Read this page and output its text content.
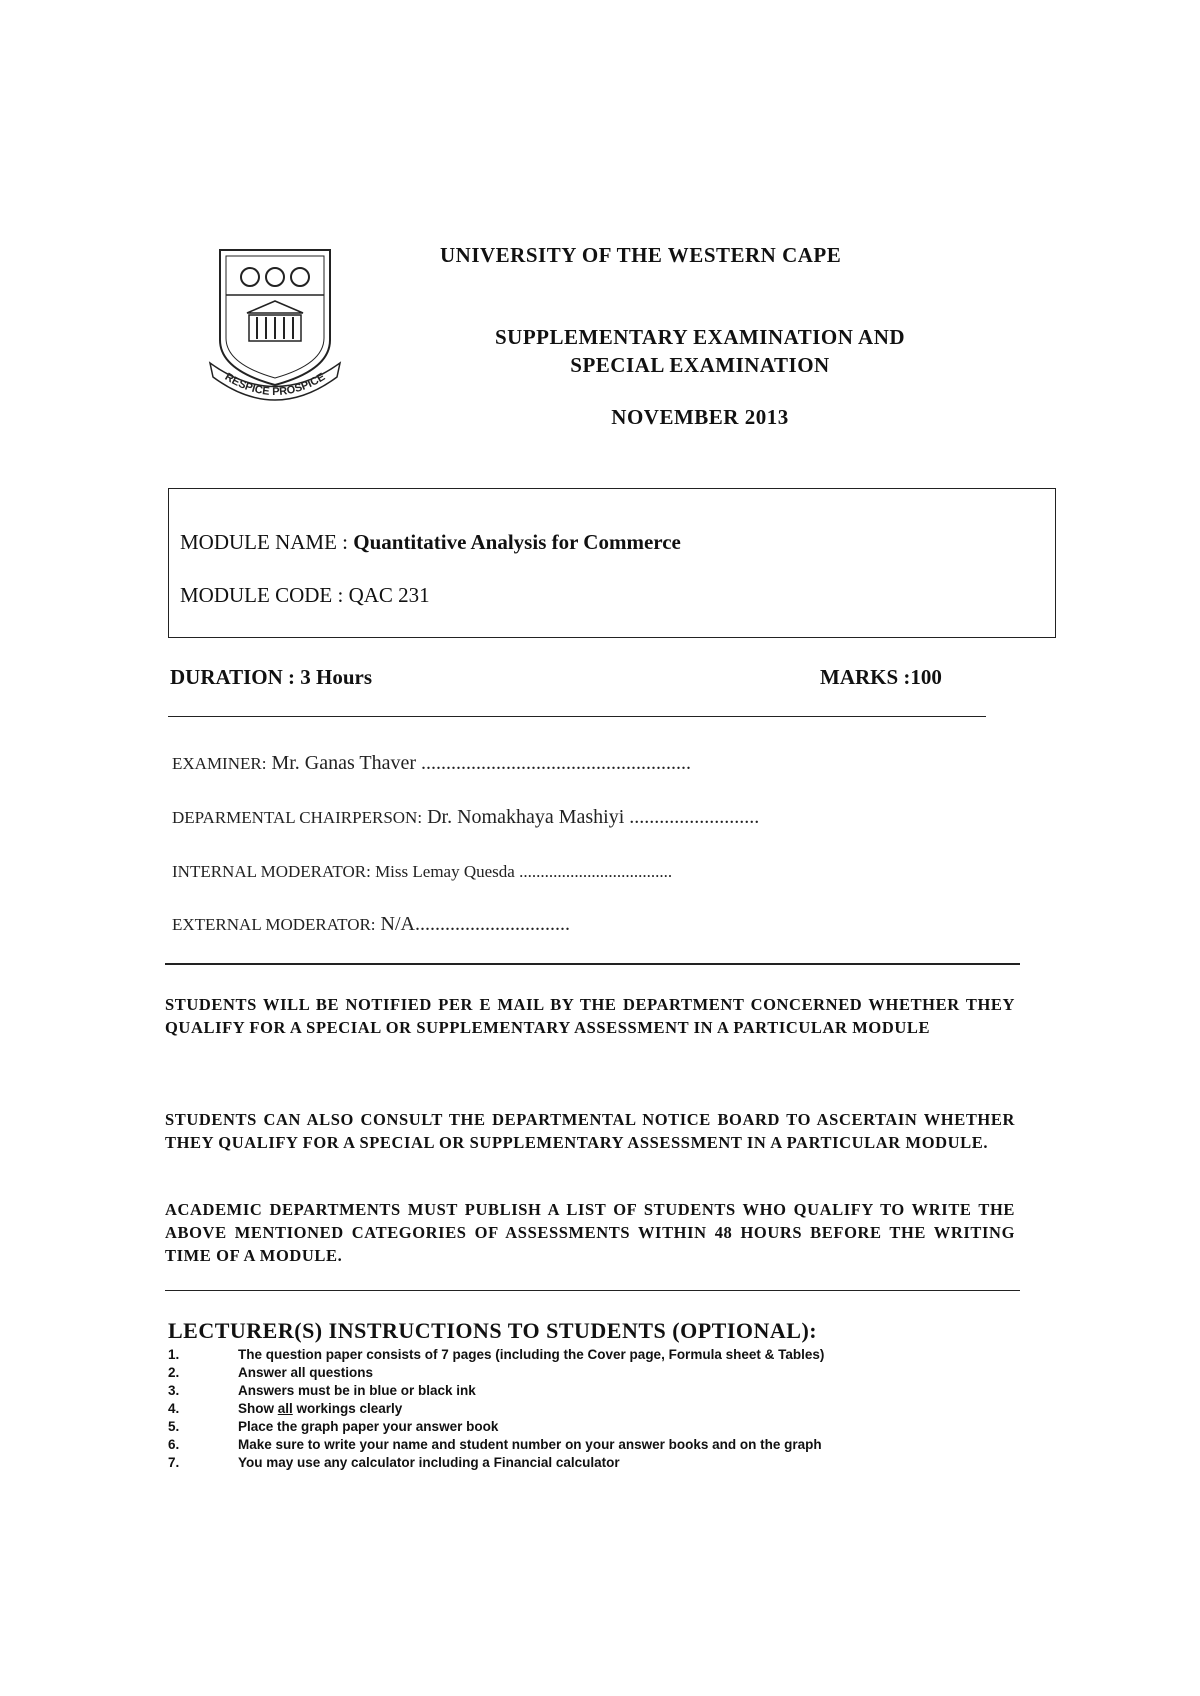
RESPICE PROSPICE
UNIVERSITY OF THE WESTERN CAPE
SUPPLEMENTARY EXAMINATION AND
SPECIAL EXAMINATION
NOVEMBER 2013
MODULE NAME : Quantitative Analysis for Commerce
MODULE CODE : QAC 231
DURATION : 3 Hours	MARKS :100
EXAMINER: Mr. Ganas Thaver ......................................................
DEPARMENTAL CHAIRPERSON: Dr. Nomakhaya Mashiyi ..........................
INTERNAL MODERATOR: Miss Lemay Quesda ....................................
EXTERNAL MODERATOR: N/A...............................
STUDENTS WILL BE NOTIFIED PER E MAIL BY THE DEPARTMENT CONCERNED WHETHER THEY QUALIFY FOR A SPECIAL OR SUPPLEMENTARY ASSESSMENT IN A PARTICULAR MODULE
STUDENTS CAN ALSO CONSULT THE DEPARTMENTAL NOTICE BOARD TO ASCERTAIN WHETHER THEY QUALIFY FOR A SPECIAL OR SUPPLEMENTARY ASSESSMENT IN A PARTICULAR MODULE.
ACADEMIC DEPARTMENTS MUST PUBLISH A LIST OF STUDENTS WHO QUALIFY TO WRITE THE ABOVE MENTIONED CATEGORIES OF ASSESSMENTS WITHIN 48 HOURS BEFORE THE WRITING TIME OF A MODULE.
LECTURER(S) INSTRUCTIONS TO STUDENTS (OPTIONAL):
1.	The question paper consists of 7 pages (including the Cover page, Formula sheet & Tables)
2.	Answer all questions
3.	Answers must be in blue or black ink
4.	Show all workings clearly
5.	Place the graph paper your answer book
6.	Make sure to write your name and student number on your answer books and on the graph
7.	You may use any calculator including a Financial calculator
